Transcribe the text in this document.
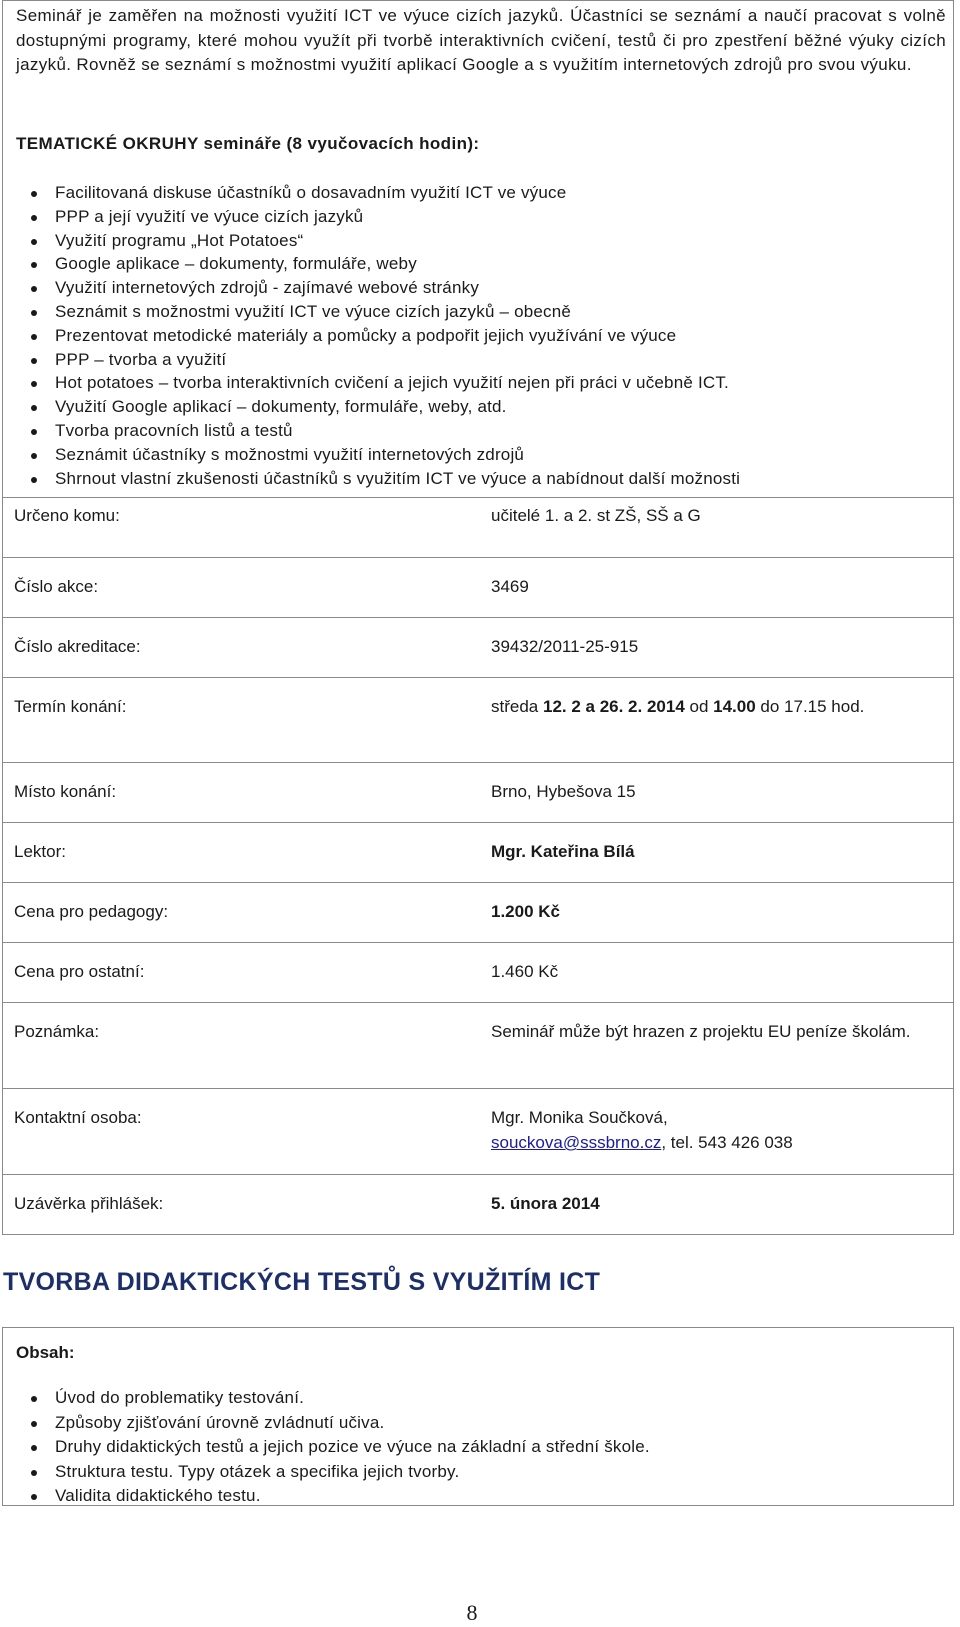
Seminář je zaměřen na možnosti využití ICT ve výuce cizích jazyků. Účastníci se seznámí a naučí pracovat s volně dostupnými programy, které mohou využít při tvorbě interaktivních cvičení, testů či pro zpestření běžné výuky cizích jazyků. Rovněž se seznámí s možnostmi využití aplikací Google a s využitím internetových zdrojů pro svou výuku.

TEMATICKÉ OKRUHY semináře (8 vyučovacích hodin):

Facilitovaná diskuse účastníků o dosavadním využití ICT ve výuce
PPP a její využití ve výuce cizích jazyků
Využití programu „Hot Potatoes“
Google aplikace – dokumenty, formuláře, weby
Využití internetových zdrojů - zajímavé webové stránky
Seznámit s možnostmi využití ICT ve výuce cizích jazyků – obecně
Prezentovat metodické materiály a pomůcky a podpořit jejich využívání ve výuce
PPP – tvorba a využití
Hot potatoes – tvorba interaktivních cvičení a jejich využití nejen při práci v učebně ICT.
Využití Google aplikací – dokumenty, formuláře, weby, atd.
Tvorba pracovních listů a testů
Seznámit účastníky s možnostmi využití internetových zdrojů
Shrnout vlastní zkušenosti účastníků s využitím ICT ve výuce a nabídnout další možnosti
Určeno komu:	učitelé 1. a 2. st ZŠ, SŠ a G
Číslo akce:	3469
Číslo akreditace:	39432/2011-25-915
Termín konání:	středa 12. 2 a 26. 2. 2014 od 14.00 do 17.15 hod.
Místo konání:	Brno, Hybešova 15
Lektor:	Mgr. Kateřina Bílá
Cena pro pedagogy:	1.200 Kč
Cena pro ostatní:	1.460 Kč
Poznámka:	Seminář může být hrazen z projektu EU peníze školám.
Kontaktní osoba:	Mgr. Monika Součková,
souckova@sssbrno.cz, tel. 543 426 038
Uzávěrka přihlášek:	5. února 2014
TVORBA DIDAKTICKÝCH TESTŮ S VYUŽITÍM ICT
Obsah:
Úvod do problematiky testování.
Způsoby zjišťování úrovně zvládnutí učiva.
Druhy didaktických testů a jejich pozice ve výuce na základní a střední škole.
Struktura testu. Typy otázek a specifika jejich tvorby.
Validita didaktického testu.
8
